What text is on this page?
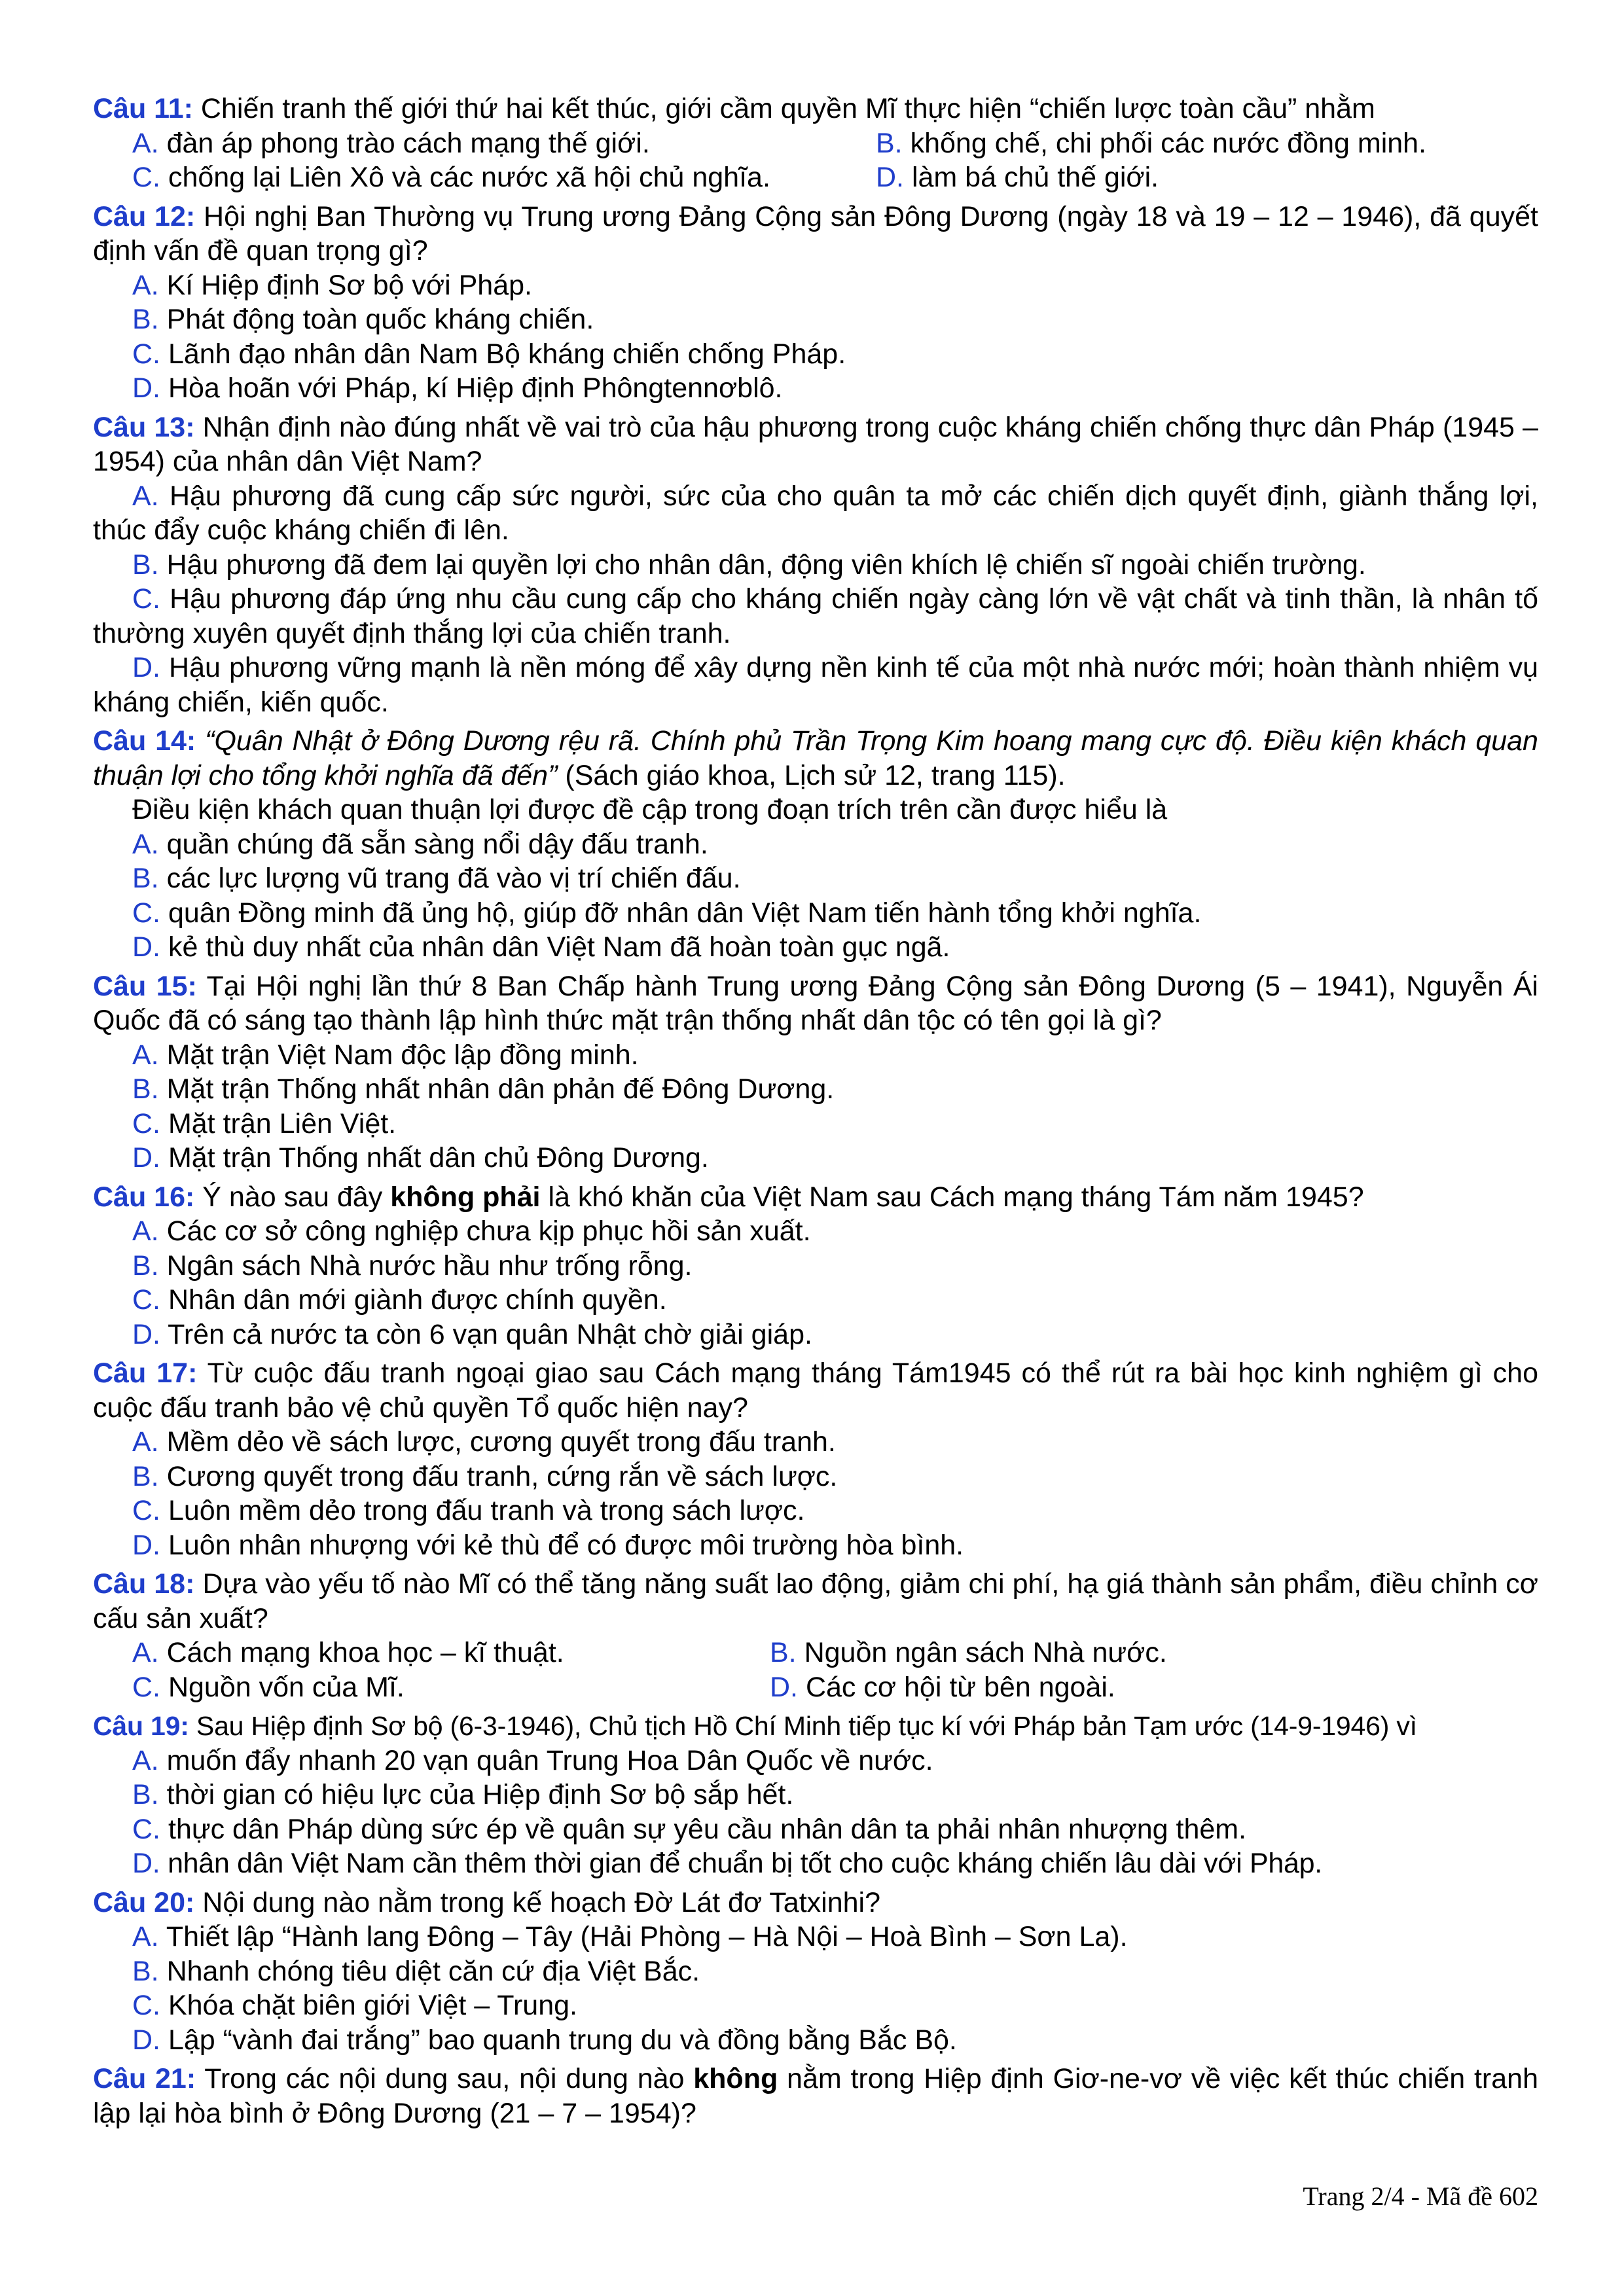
Câu 11: Chiến tranh thế giới thứ hai kết thúc, giới cầm quyền Mĩ thực hiện “chiến lược toàn cầu” nhằm
A. đàn áp phong trào cách mạng thế giới.	B. khống chế, chi phối các nước đồng minh.
C. chống lại Liên Xô và các nước xã hội chủ nghĩa.	D. làm bá chủ thế giới.
Câu 12: Hội nghị Ban Thường vụ Trung ương Đảng Cộng sản Đông Dương (ngày 18 và 19 – 12 – 1946), đã quyết định vấn đề quan trọng gì?
A. Kí Hiệp định Sơ bộ với Pháp.
B. Phát động toàn quốc kháng chiến.
C. Lãnh đạo nhân dân Nam Bộ kháng chiến chống Pháp.
D. Hòa hoãn với Pháp, kí Hiệp định Phôngtennơblô.
Câu 13: Nhận định nào đúng nhất về vai trò của hậu phương trong cuộc kháng chiến chống thực dân Pháp (1945 – 1954) của nhân dân Việt Nam?
A. Hậu phương đã cung cấp sức người, sức của cho quân ta mở các chiến dịch quyết định, giành thắng lợi, thúc đẩy cuộc kháng chiến đi lên.
B. Hậu phương đã đem lại quyền lợi cho nhân dân, động viên khích lệ chiến sĩ ngoài chiến trường.
C. Hậu phương đáp ứng nhu cầu cung cấp cho kháng chiến ngày càng lớn về vật chất và tinh thần, là nhân tố thường xuyên quyết định thắng lợi của chiến tranh.
D. Hậu phương vững mạnh là nền móng để xây dựng nền kinh tế của một nhà nước mới; hoàn thành nhiệm vụ kháng chiến, kiến quốc.
Câu 14: “Quân Nhật ở Đông Dương rệu rã. Chính phủ Trần Trọng Kim hoang mang cực độ. Điều kiện khách quan thuận lợi cho tổng khởi nghĩa đã đến” (Sách giáo khoa, Lịch sử 12, trang 115).
Điều kiện khách quan thuận lợi được đề cập trong đoạn trích trên cần được hiểu là
A. quần chúng đã sẵn sàng nổi dậy đấu tranh.
B. các lực lượng vũ trang đã vào vị trí chiến đấu.
C. quân Đồng minh đã ủng hộ, giúp đỡ nhân dân Việt Nam tiến hành tổng khởi nghĩa.
D. kẻ thù duy nhất của nhân dân Việt Nam đã hoàn toàn gục ngã.
Câu 15: Tại Hội nghị lần thứ 8 Ban Chấp hành Trung ương Đảng Cộng sản Đông Dương (5 – 1941), Nguyễn Ái Quốc đã có sáng tạo thành lập hình thức mặt trận thống nhất dân tộc có tên gọi là gì?
A. Mặt trận Việt Nam độc lập đồng minh.
B. Mặt trận Thống nhất nhân dân phản đế Đông Dương.
C. Mặt trận Liên Việt.
D. Mặt trận Thống nhất dân chủ Đông Dương.
Câu 16: Ý nào sau đây không phải là khó khăn của Việt Nam sau Cách mạng tháng Tám năm 1945?
A. Các cơ sở công nghiệp chưa kịp phục hồi sản xuất.
B. Ngân sách Nhà nước hầu như trống rỗng.
C. Nhân dân mới giành được chính quyền.
D. Trên cả nước ta còn 6 vạn quân Nhật chờ giải giáp.
Câu 17: Từ cuộc đấu tranh ngoại giao sau Cách mạng tháng Tám1945 có thể rút ra bài học kinh nghiệm gì cho cuộc đấu tranh bảo vệ chủ quyền Tổ quốc hiện nay?
A. Mềm dẻo về sách lược, cương quyết trong đấu tranh.
B. Cương quyết trong đấu tranh, cứng rắn về sách lược.
C. Luôn mềm dẻo trong đấu tranh và trong sách lược.
D. Luôn nhân nhượng với kẻ thù để có được môi trường hòa bình.
Câu 18: Dựa vào yếu tố nào Mĩ có thể tăng năng suất lao động, giảm chi phí, hạ giá thành sản phẩm, điều chỉnh cơ cấu sản xuất?
A. Cách mạng khoa học – kĩ thuật.	B. Nguồn ngân sách Nhà nước.
C. Nguồn vốn của Mĩ.	D. Các cơ hội từ bên ngoài.
Câu 19: Sau Hiệp định Sơ bộ (6-3-1946), Chủ tịch Hồ Chí Minh tiếp tục kí với Pháp bản Tạm ước (14-9-1946) vì
A. muốn đẩy nhanh 20 vạn quân Trung Hoa Dân Quốc về nước.
B. thời gian có hiệu lực của Hiệp định Sơ bộ sắp hết.
C. thực dân Pháp dùng sức ép về quân sự yêu cầu nhân dân ta phải nhân nhượng thêm.
D. nhân dân Việt Nam cần thêm thời gian để chuẩn bị tốt cho cuộc kháng chiến lâu dài với Pháp.
Câu 20: Nội dung nào nằm trong kế hoạch Đờ Lát đơ Tatxinhi?
A. Thiết lập “Hành lang Đông – Tây (Hải Phòng – Hà Nội – Hoà Bình – Sơn La).
B. Nhanh chóng tiêu diệt căn cứ địa Việt Bắc.
C. Khóa chặt biên giới Việt – Trung.
D. Lập “vành đai trắng” bao quanh trung du và đồng bằng Bắc Bộ.
Câu 21: Trong các nội dung sau, nội dung nào không nằm trong Hiệp định Giơ-ne-vơ về việc kết thúc chiến tranh lập lại hòa bình ở Đông Dương (21 – 7 – 1954)?
Trang 2/4 - Mã đề 602
